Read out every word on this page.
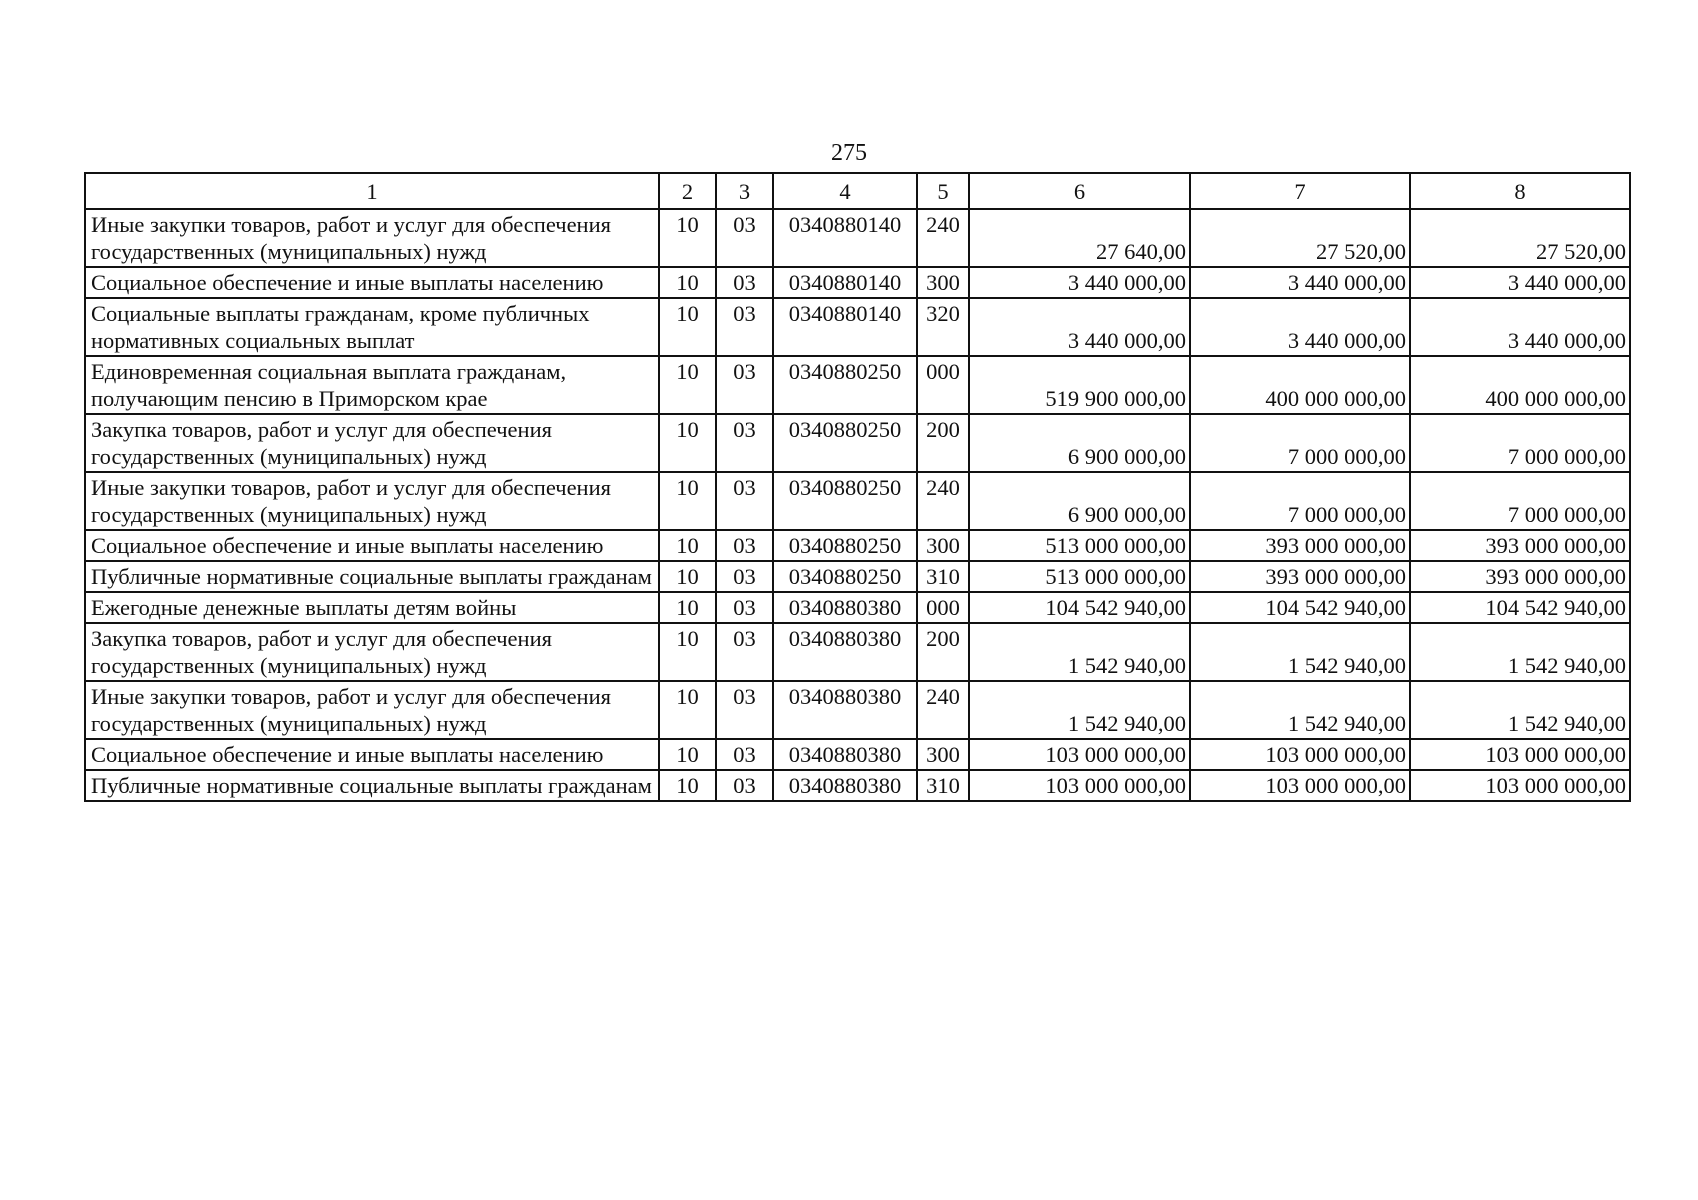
275
1	2	3	4	5	6	7	8
Иные закупки товаров, работ и услуг для обеспечения государственных (муниципальных) нужд	10	03	0340880140	240	27 640,00	27 520,00	27 520,00
Социальное обеспечение и иные выплаты населению	10	03	0340880140	300	3 440 000,00	3 440 000,00	3 440 000,00
Социальные выплаты гражданам, кроме публичных нормативных социальных выплат	10	03	0340880140	320	3 440 000,00	3 440 000,00	3 440 000,00
Единовременная социальная выплата гражданам, получающим пенсию в Приморском крае	10	03	0340880250	000	519 900 000,00	400 000 000,00	400 000 000,00
Закупка товаров, работ и услуг для обеспечения государственных (муниципальных) нужд	10	03	0340880250	200	6 900 000,00	7 000 000,00	7 000 000,00
Иные закупки товаров, работ и услуг для обеспечения государственных (муниципальных) нужд	10	03	0340880250	240	6 900 000,00	7 000 000,00	7 000 000,00
Социальное обеспечение и иные выплаты населению	10	03	0340880250	300	513 000 000,00	393 000 000,00	393 000 000,00
Публичные нормативные социальные выплаты гражданам	10	03	0340880250	310	513 000 000,00	393 000 000,00	393 000 000,00
Ежегодные денежные выплаты детям войны	10	03	0340880380	000	104 542 940,00	104 542 940,00	104 542 940,00
Закупка товаров, работ и услуг для обеспечения государственных (муниципальных) нужд	10	03	0340880380	200	1 542 940,00	1 542 940,00	1 542 940,00
Иные закупки товаров, работ и услуг для обеспечения государственных (муниципальных) нужд	10	03	0340880380	240	1 542 940,00	1 542 940,00	1 542 940,00
Социальное обеспечение и иные выплаты населению	10	03	0340880380	300	103 000 000,00	103 000 000,00	103 000 000,00
Публичные нормативные социальные выплаты гражданам	10	03	0340880380	310	103 000 000,00	103 000 000,00	103 000 000,00
